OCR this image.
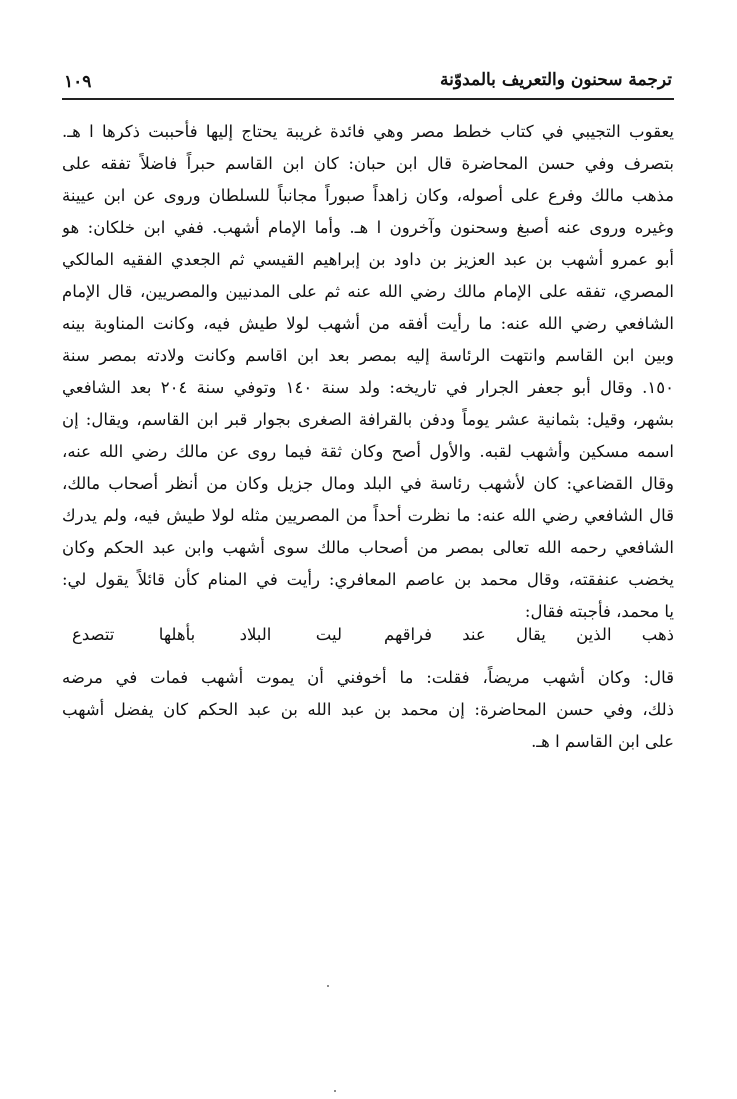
ترجمة سحنون والتعريف بالمدوّنة
١٠٩
يعقوب التجيبي في كتاب خطط مصر وهي فائدة غريبة يحتاج إليها فأحببت ذكرها ا هـ.
بتصرف وفي حسن المحاضرة قال ابن حبان: كان ابن القاسم حبراً فاضلاً تفقه على
مذهب مالك وفرع على أصوله، وكان زاهداً صبوراً مجانباً للسلطان وروى عن ابن عيينة
وغيره وروى عنه أصبغ وسحنون وآخرون ا هـ. وأما الإمام أشهب. ففي ابن خلكان: هو
أبو عمرو أشهب بن عبد العزيز بن داود بن إبراهيم القيسي ثم الجعدي الفقيه المالكي
المصري، تفقه على الإمام مالك رضي الله عنه ثم على المدنيين والمصريين، قال الإمام
الشافعي رضي الله عنه: ما رأيت أفقه من أشهب لولا طيش فيه، وكانت المناوبة بينه
وبين ابن القاسم وانتهت الرئاسة إليه بمصر بعد ابن اقاسم وكانت ولادته بمصر سنة
١٥٠. وقال أبو جعفر الجرار في تاريخه: ولد سنة ١٤٠ وتوفي سنة ٢٠٤ بعد الشافعي
بشهر، وقيل: بثمانية عشر يوماً ودفن بالقرافة الصغرى بجوار قبر ابن القاسم، ويقال: إن
اسمه مسكين وأشهب لقبه. والأول أصح وكان ثقة فيما روى عن مالك رضي الله عنه،
وقال القضاعي: كان لأشهب رئاسة في البلد ومال جزيل وكان من أنظر أصحاب مالك،
قال الشافعي رضي الله عنه: ما نظرت أحداً من المصريين مثله لولا طيش فيه، ولم يدرك
الشافعي رحمه الله تعالى بمصر من أصحاب مالك سوى أشهب وابن عبد الحكم وكان
يخضب عنفقته، وقال محمد بن عاصم المعافري: رأيت في المنام كأن قائلاً يقول لي:
يا محمد، فأجبته فقال:
ذهب الذين يقال عند فراقهم
ليت البلاد بأهلها تتصدع
قال: وكان أشهب مريضاً، فقلت: ما أخوفني أن يموت أشهب فمات في مرضه
ذلك، وفي حسن المحاضرة: إن محمد بن عبد الله بن عبد الحكم كان يفضل أشهب
على ابن القاسم ا هـ.
